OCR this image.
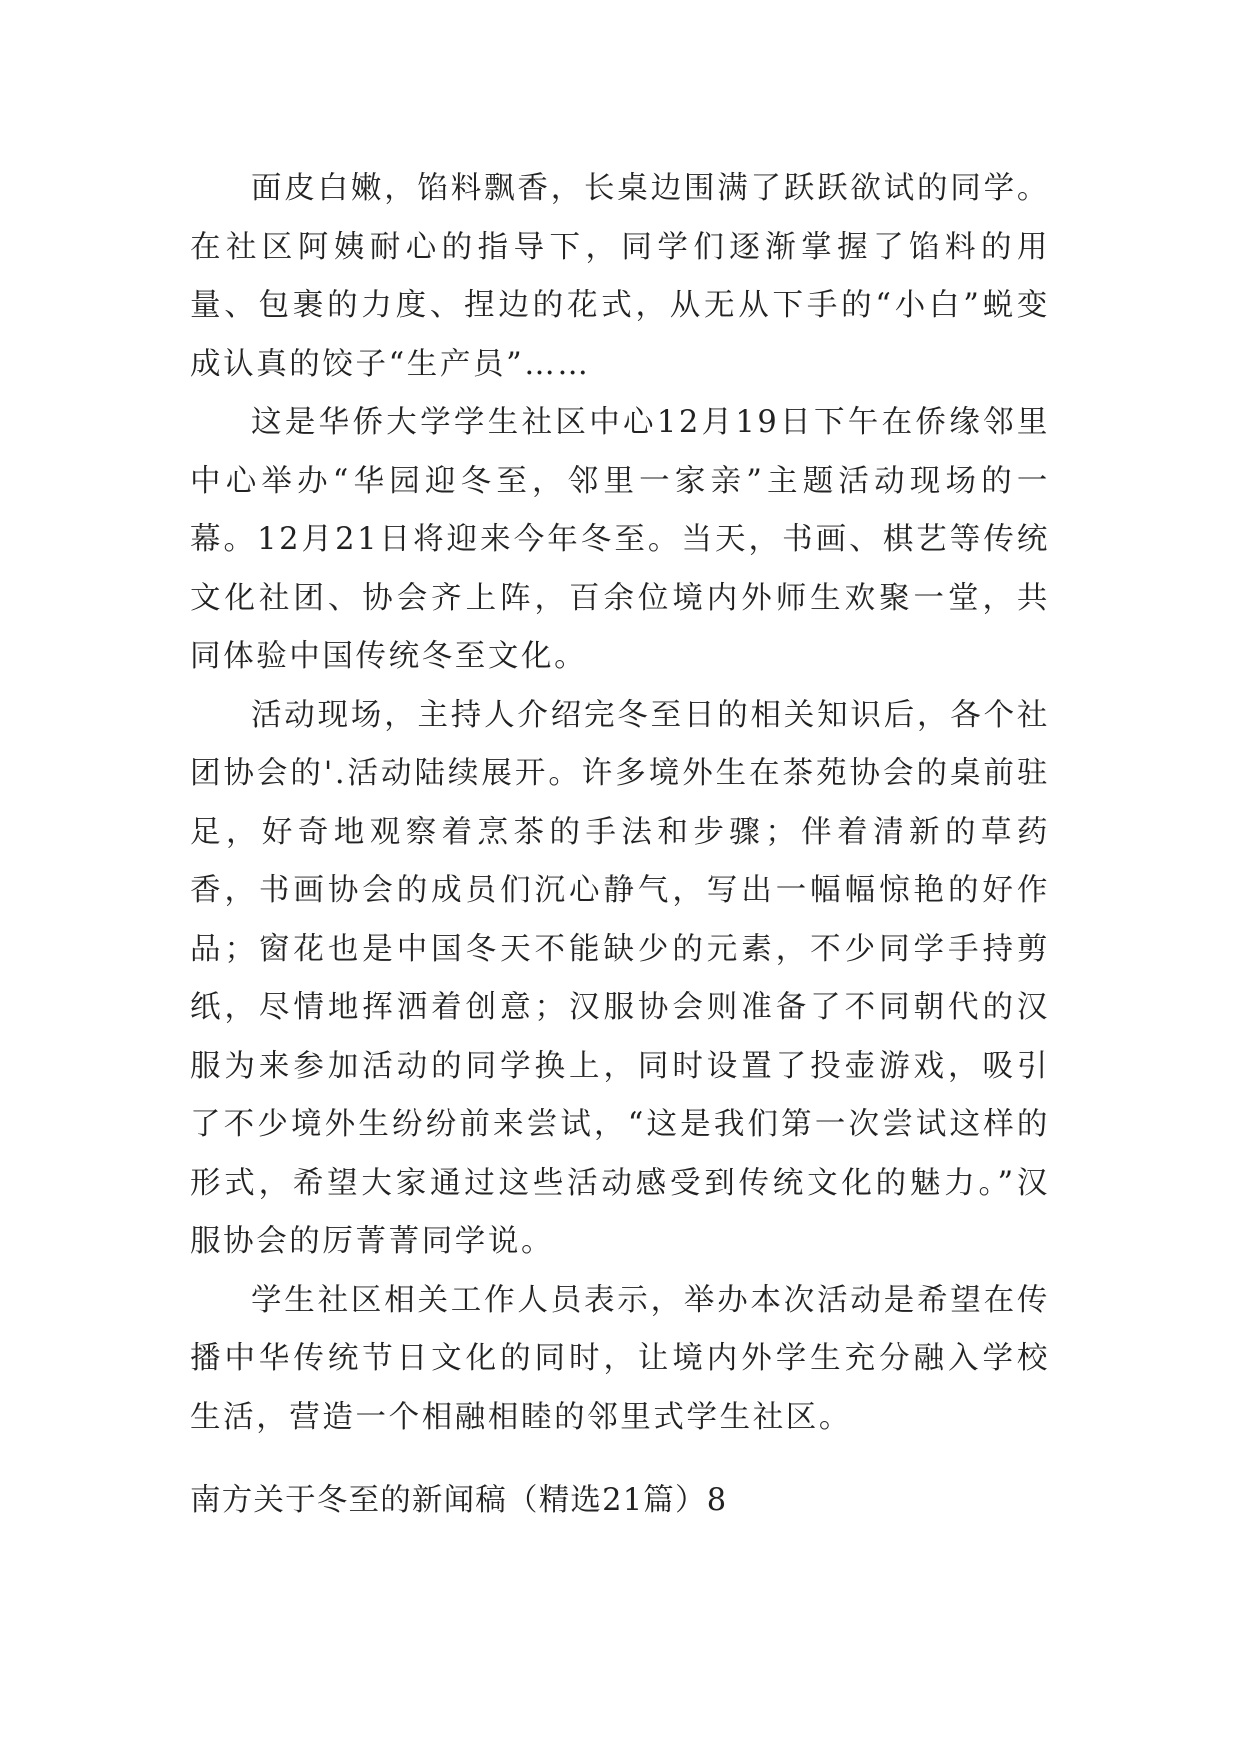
面皮白嫩，馅料飘香，长桌边围满了跃跃欲试的同学。在社区阿姨耐心的指导下，同学们逐渐掌握了馅料的用量、包裹的力度、捏边的花式，从无从下手的“小白”蜕变成认真的饺子“生产员”……

这是华侨大学学生社区中心12月19日下午在侨缘邻里中心举办“华园迎冬至，邻里一家亲”主题活动现场的一幕。12月21日将迎来今年冬至。当天，书画、棋艺等传统文化社团、协会齐上阵，百余位境内外师生欢聚一堂，共同体验中国传统冬至文化。

活动现场，主持人介绍完冬至日的相关知识后，各个社团协会的'.活动陆续展开。许多境外生在茶苑协会的桌前驻足，好奇地观察着烹茶的手法和步骤；伴着清新的草药香，书画协会的成员们沉心静气，写出一幅幅惊艳的好作品；窗花也是中国冬天不能缺少的元素，不少同学手持剪纸，尽情地挥洒着创意；汉服协会则准备了不同朝代的汉服为来参加活动的同学换上，同时设置了投壶游戏，吸引了不少境外生纷纷前来尝试，“这是我们第一次尝试这样的形式，希望大家通过这些活动感受到传统文化的魅力。”汉服协会的厉菁菁同学说。

学生社区相关工作人员表示，举办本次活动是希望在传播中华传统节日文化的同时，让境内外学生充分融入学校生活，营造一个相融相睦的邻里式学生社区。

南方关于冬至的新闻稿（精选21篇）8
